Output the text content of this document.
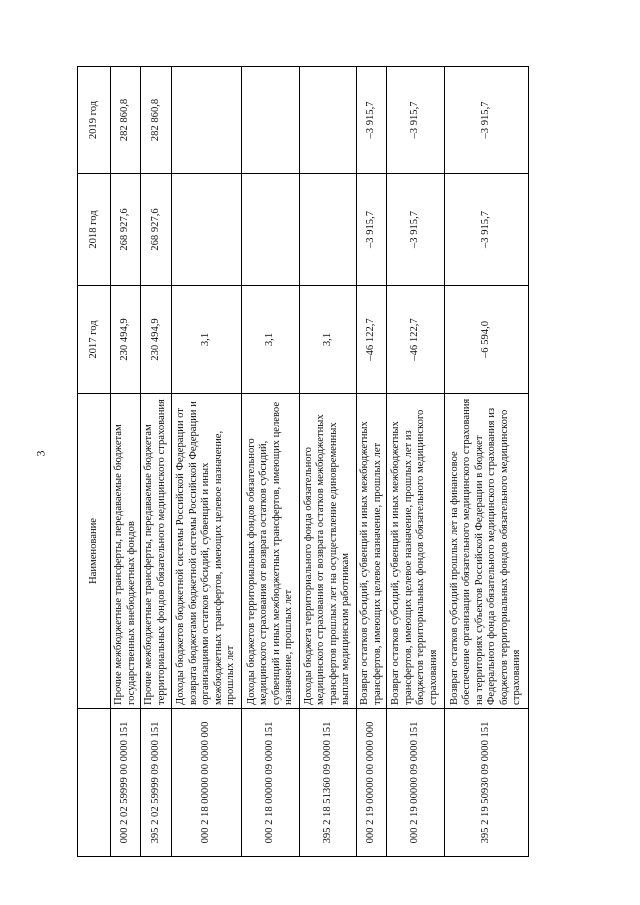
3
	Наименование	2017 год	2018 год	2019 год
000 2 02 59999 00 0000 151	Прочие межбюджетные трансферты, передаваемые бюджетам государственных внебюджетных фондов	230 494,9	268 927,6	282 860,8
395 2 02 59999 09 0000 151	Прочие межбюджетные трансферты, передаваемые бюджетам территориальных фондов обязательного медицинского страхования	230 494,9	268 927,6	282 860,8
000 2 18 00000 00 0000 000	Доходы бюджетов бюджетной системы Российской Федерации от возврата бюджетами бюджетной системы Российской Федерации и организациями остатков субсидий, субвенций и иных межбюджетных трансфертов, имеющих целевое назначение, прошлых лет	3,1		
000 2 18 00000 09 0000 151	Доходы бюджетов территориальных фондов обязательного медицинского страхования от возврата остатков субсидий, субвенций и иных межбюджетных трансфертов, имеющих целевое назначение, прошлых лет	3,1		
395 2 18 51360 09 0000 151	Доходы бюджета территориального фонда обязательного медицинского страхования от возврата остатков межбюджетных трансфертов прошлых лет на осуществление единовременных выплат медицинским работникам	3,1		
000 2 19 00000 00 0000 000	Возврат остатков субсидий, субвенций и иных межбюджетных трансфертов, имеющих целевое назначение, прошлых лет	–46 122,7	–3 915,7	–3 915,7
000 2 19 00000 09 0000 151	Возврат остатков субсидий, субвенций и иных межбюджетных трансфертов, имеющих целевое назначение, прошлых лет из бюджетов территориальных фондов обязательного медицинского страхования	–46 122,7	–3 915,7	–3 915,7
395 2 19 50930 09 0000 151	Возврат остатков субсидий прошлых лет на финансовое обеспечение организации обязательного медицинского страхования на территориях субъектов Российской Федерации в бюджет Федерального фонда обязательного медицинского страхования из бюджетов территориальных фондов обязательного медицинского страхования	–6 594,0	–3 915,7	–3 915,7
